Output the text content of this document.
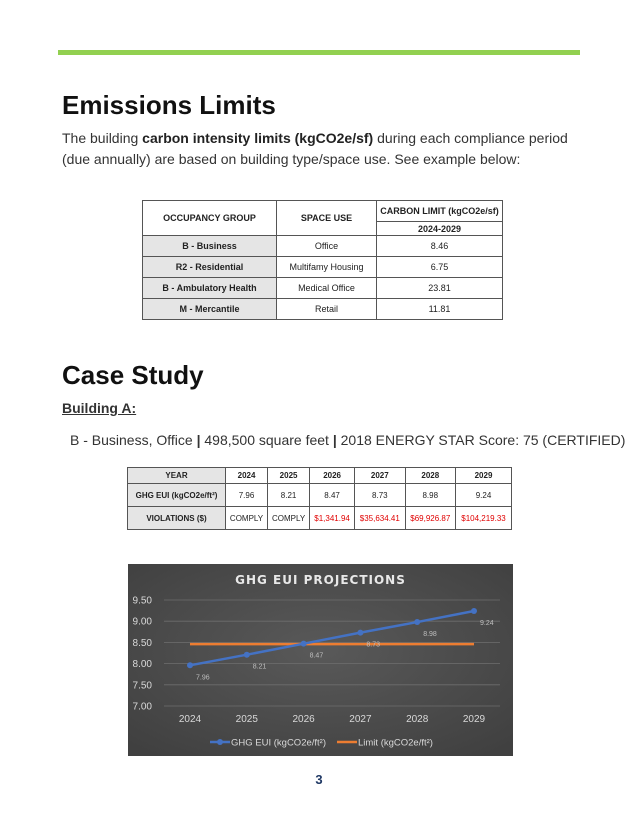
Emissions Limits
The building carbon intensity limits (kgCO2e/sf) during each compliance period (due annually) are based on building type/space use. See example below:
OCCUPANCY GROUP	SPACE USE	CARBON LIMIT (kgCO2e/sf)
		2024-2029
B - Business	Office	8.46
R2 - Residential	Multifamy Housing	6.75
B - Ambulatory Health	Medical Office	23.81
M - Mercantile	Retail	11.81
Case Study
Building A:
B - Business, Office | 498,500 square feet | 2018 ENERGY STAR Score: 75 (CERTIFIED)
YEAR	2024	2025	2026	2027	2028	2029
GHG EUI (kgCO2e/ft²)	7.96	8.21	8.47	8.73	8.98	9.24
VIOLATIONS ($)	COMPLY	COMPLY	$1,341.94	$35,634.41	$69,926.87	$104,219.33
GHG EUI PROJECTIONS
7.00
7.50
8.00
8.50
9.00
9.50
2024	2025	2026	2027	2028	2029
7.96
8.21
8.47
8.73
8.98
9.24
GHG EUI (kgCO2e/ft²)	Limit (kgCO2e/ft²)
3
